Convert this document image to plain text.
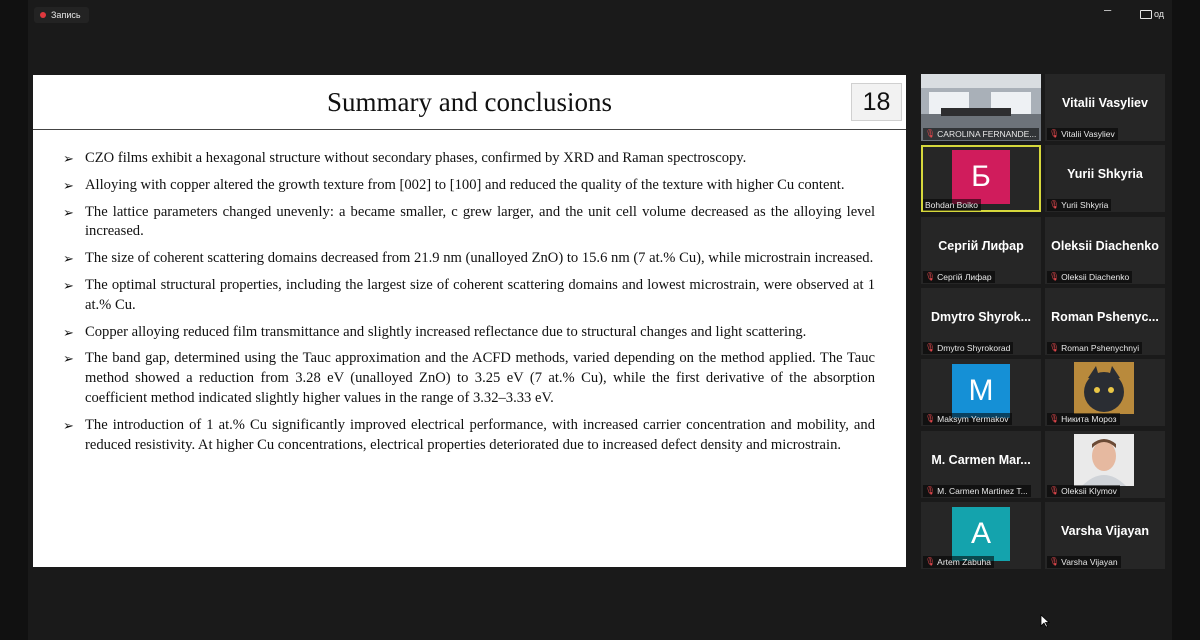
Запись	–	од
Summary and conclusions	18
➢ CZO films exhibit a hexagonal structure without secondary phases, confirmed by XRD and Raman spectroscopy.
➢ Alloying with copper altered the growth texture from [002] to [100] and reduced the quality of the texture with higher Cu content.
➢ The lattice parameters changed unevenly: a became smaller, c grew larger, and the unit cell volume decreased as the alloying level increased.
➢ The size of coherent scattering domains decreased from 21.9 nm (unalloyed ZnO) to 15.6 nm (7 at.% Cu), while microstrain increased.
➢ The optimal structural properties, including the largest size of coherent scattering domains and lowest microstrain, were observed at 1 at.% Cu.
➢ Copper alloying reduced film transmittance and slightly increased reflectance due to structural changes and light scattering.
➢ The band gap, determined using the Tauc approximation and the ACFD methods, varied depending on the method applied. The Tauc method showed a reduction from 3.28 eV (unalloyed ZnO) to 3.25 eV (7 at.% Cu), while the first derivative of the absorption coefficient method indicated slightly higher values in the range of 3.32–3.33 eV.
➢ The introduction of 1 at.% Cu significantly improved electrical performance, with increased carrier concentration and mobility, and reduced resistivity. At higher Cu concentrations, electrical properties deteriorated due to increased defect density and microstrain.
🎙 CAROLINA FERNANDE...
Vitalii Vasyliev
🎙 Vitalii Vasyliev
Б
Bohdan Boiko
Yurii Shkyria
🎙 Yurii Shkyria
Сергій Лифар
🎙 Сергій Лифар
Oleksii Diachenko
🎙 Oleksii Diachenko
Dmytro Shyrok...
🎙 Dmytro Shyrokorad
Roman Pshenyc...
🎙 Roman Pshenychnyi
M
🎙 Maksym Yermakov	🎙 Никита Мороз
M. Carmen Mar...
🎙 M. Carmen Martinez T...	🎙 Oleksii Klymov
A
🎙 Artem Zabuha
Varsha Vijayan
🎙 Varsha Vijayan
